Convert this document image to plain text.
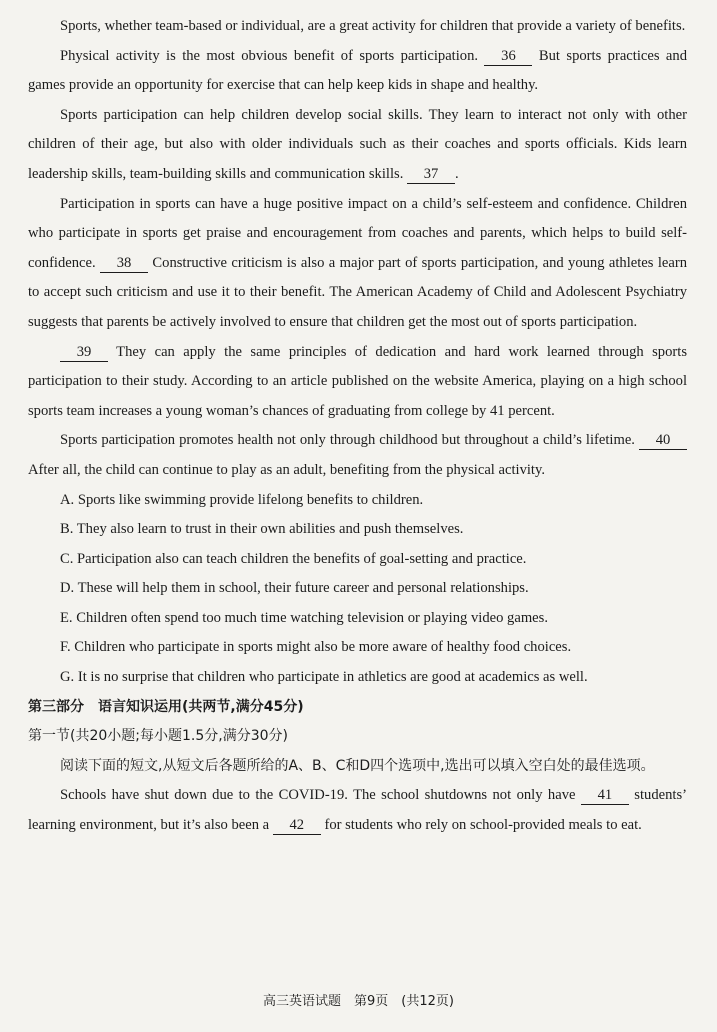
Sports, whether team-based or individual, are a great activity for children that provide a variety of benefits.

Physical activity is the most obvious benefit of sports participation. 36 But sports practices and games provide an opportunity for exercise that can help keep kids in shape and healthy.

Sports participation can help children develop social skills. They learn to interact not only with other children of their age, but also with older individuals such as their coaches and sports officials. Kids learn leadership skills, team-building skills and communication skills. 37 .

Participation in sports can have a huge positive impact on a child’s self-esteem and confidence. Children who participate in sports get praise and encouragement from coaches and parents, which helps to build self-confidence. 38 Constructive criticism is also a major part of sports participation, and young athletes learn to accept such criticism and use it to their benefit. The American Academy of Child and Adolescent Psychiatry suggests that parents be actively involved to ensure that children get the most out of sports participation.

39 They can apply the same principles of dedication and hard work learned through sports participation to their study. According to an article published on the website America, playing on a high school sports team increases a young woman’s chances of graduating from college by 41 percent.

Sports participation promotes health not only through childhood but throughout a child’s lifetime. 40 After all, the child can continue to play as an adult, benefiting from the physical activity.

A. Sports like swimming provide lifelong benefits to children.

B. They also learn to trust in their own abilities and push themselves.

C. Participation also can teach children the benefits of goal-setting and practice.

D. These will help them in school, their future career and personal relationships.

E. Children often spend too much time watching television or playing video games.

F. Children who participate in sports might also be more aware of healthy food choices.

G. It is no surprise that children who participate in athletics are good at academics as well.

第三部分　语言知识运用(共两节,满分45分)

第一节(共20小题;每小题1.5分,满分30分)

阅读下面的短文,从短文后各题所给的A、B、C和D四个选项中,选出可以填入空白处的最佳选项。

Schools have shut down due to the COVID-19. The school shutdowns not only have 41 students’ learning environment, but it’s also been a 42 for students who rely on school-provided meals to eat.

高三英语试题　第9页　(共12页)
